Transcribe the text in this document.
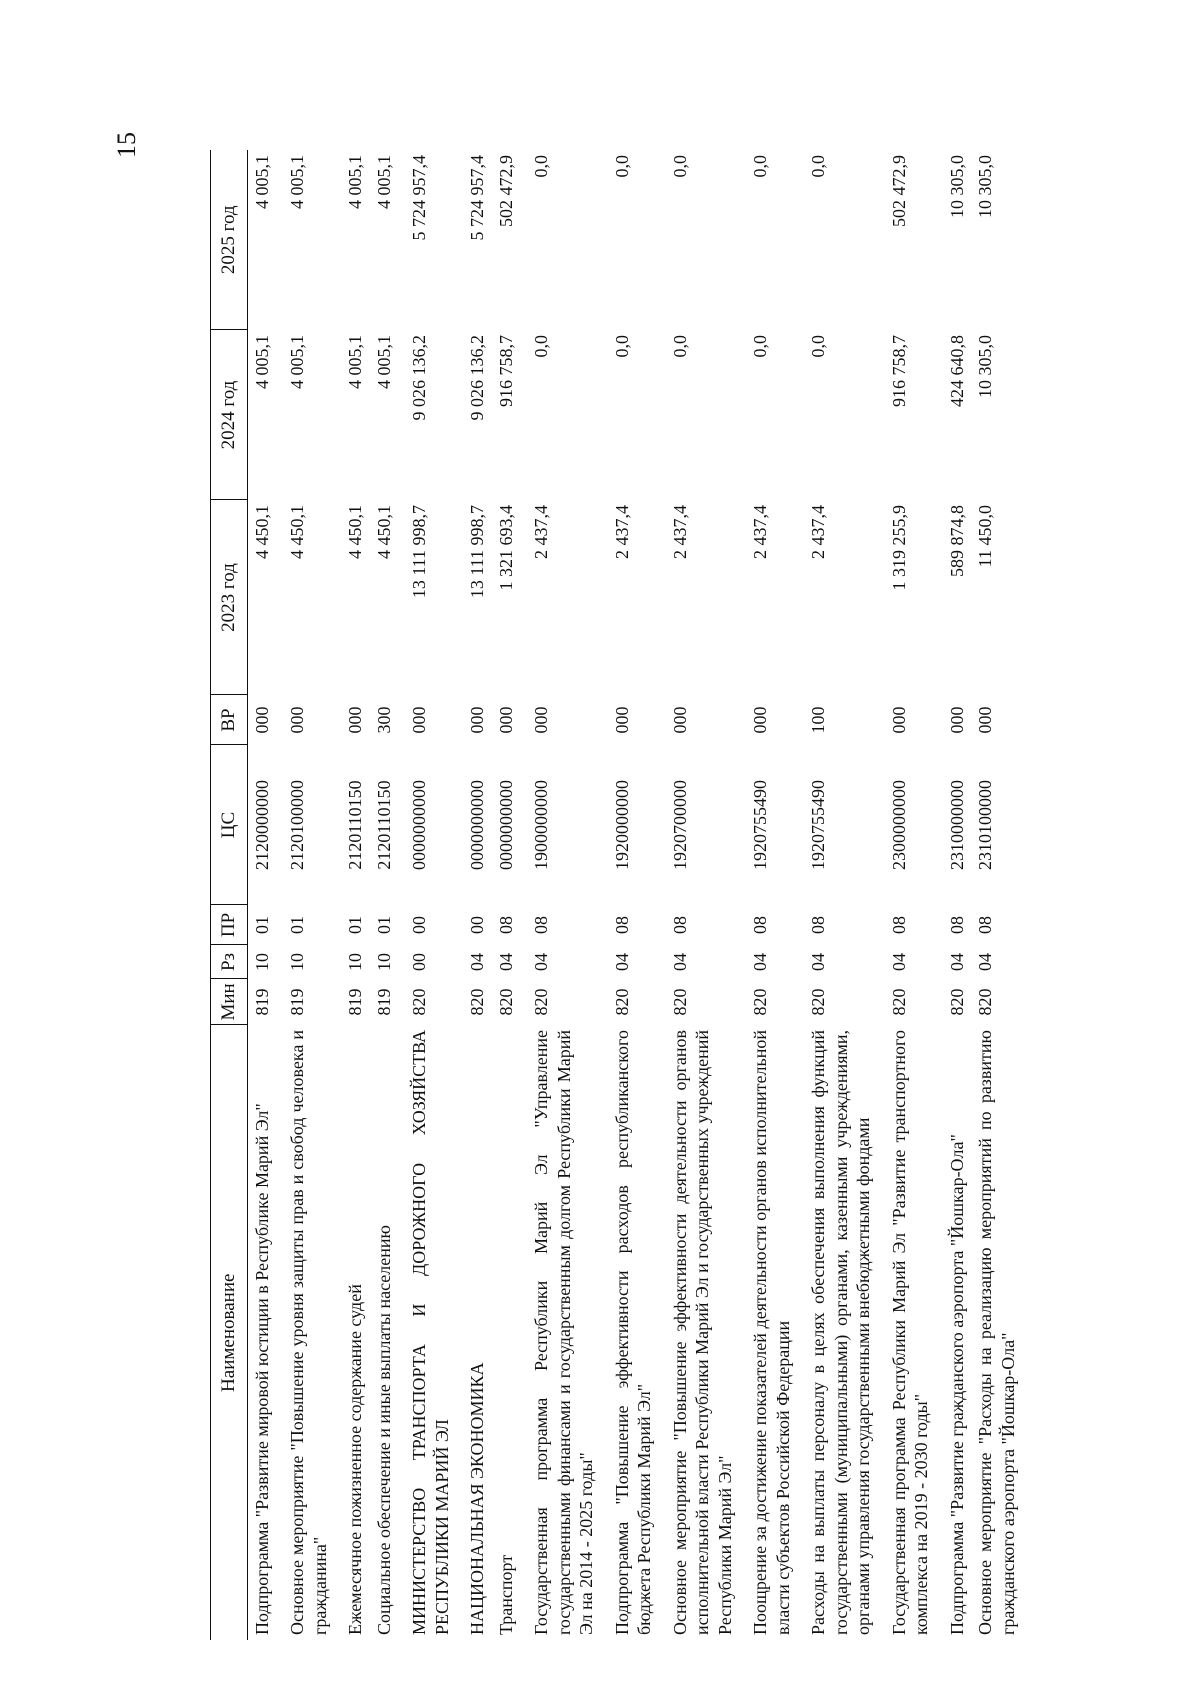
15
Наименование	Мин	Рз	ПР	ЦС	ВР	2023 год	2024 год	2025 год
Подпрограмма "Развитие мировой юстиции в Республике Марий Эл"	819	10	01	2120000000	000	4 450,1	4 005,1	4 005,1
Основное мероприятие "Повышение уровня защиты прав и свобод человека и гражданина"	819	10	01	2120100000	000	4 450,1	4 005,1	4 005,1
Ежемесячное пожизненное содержание судей	819	10	01	2120110150	000	4 450,1	4 005,1	4 005,1
Социальное обеспечение и иные выплаты населению	819	10	01	2120110150	300	4 450,1	4 005,1	4 005,1
МИНИСТЕРСТВО ТРАНСПОРТА И ДОРОЖНОГО ХОЗЯЙСТВА РЕСПУБЛИКИ МАРИЙ ЭЛ	820	00	00	0000000000	000	13 111 998,7	9 026 136,2	5 724 957,4
НАЦИОНАЛЬНАЯ ЭКОНОМИКА	820	04	00	0000000000	000	13 111 998,7	9 026 136,2	5 724 957,4
Транспорт	820	04	08	0000000000	000	1 321 693,4	916 758,7	502 472,9
Государственная программа Республики Марий Эл "Управление государственными финансами и государственным долгом Республики Марий Эл на 2014 - 2025 годы"	820	04	08	1900000000	000	2 437,4	0,0	0,0
Подпрограмма "Повышение эффективности расходов республиканского бюджета Республики Марий Эл"	820	04	08	1920000000	000	2 437,4	0,0	0,0
Основное мероприятие "Повышение эффективности деятельности органов исполнительной власти Республики Марий Эл и государственных учреждений Республики Марий Эл"	820	04	08	1920700000	000	2 437,4	0,0	0,0
Поощрение за достижение показателей деятельности органов исполнительной власти субъектов Российской Федерации	820	04	08	1920755490	000	2 437,4	0,0	0,0
Расходы на выплаты персоналу в целях обеспечения выполнения функций государственными (муниципальными) органами, казенными учреждениями, органами управления государственными внебюджетными фондами	820	04	08	1920755490	100	2 437,4	0,0	0,0
Государственная программа Республики Марий Эл "Развитие транспортного комплекса на 2019 - 2030 годы"	820	04	08	2300000000	000	1 319 255,9	916 758,7	502 472,9
Подпрограмма "Развитие гражданского аэропорта "Йошкар-Ола"	820	04	08	2310000000	000	589 874,8	424 640,8	10 305,0
Основное мероприятие "Расходы на реализацию мероприятий по развитию гражданского аэропорта "Йошкар-Ола"	820	04	08	2310100000	000	11 450,0	10 305,0	10 305,0
